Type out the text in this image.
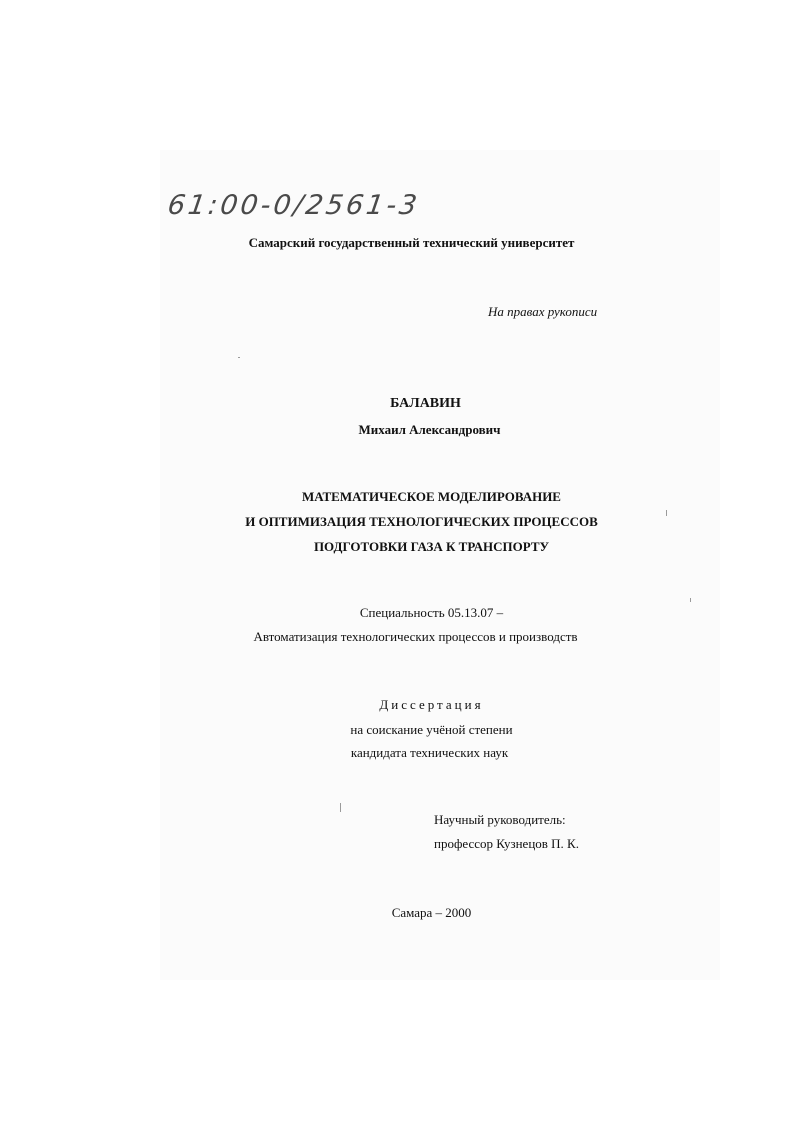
61:00-0/2561-3
Самарский государственный технический университет
На правах рукописи
БАЛАВИН
Михаил Александрович
МАТЕМАТИЧЕСКОЕ МОДЕЛИРОВАНИЕ
И ОПТИМИЗАЦИЯ ТЕХНОЛОГИЧЕСКИХ ПРОЦЕССОВ
ПОДГОТОВКИ ГАЗА К ТРАНСПОРТУ
Специальность 05.13.07 –
Автоматизация технологических процессов и производств
Диссертация
на соискание учёной степени
кандидата технических наук
Научный руководитель:
профессор Кузнецов П. К.
Самара – 2000
